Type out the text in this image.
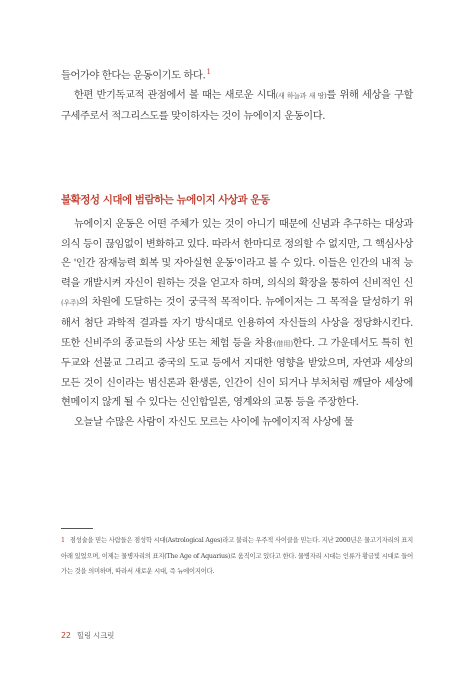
들어가야 한다는 운동이기도 하다.$^1$

한편 반기독교적 관점에서 볼 때는 새로운 시대(새 하늘과 새 땅)를 위해 세상을 구할 구세주로서 적그리스도를 맞이하자는 것이 뉴에이지 운동이다.

불확정성 시대에 범람하는 뉴에이지 사상과 운동

뉴에이지 운동은 어떤 주체가 있는 것이 아니기 때문에 신념과 추구하는 대상과 의식 등이 끊임없이 변화하고 있다. 따라서 한마디로 정의할 수 없지만, 그 핵심사상은 '인간 잠재능력 회복 및 자아실현 운동'이라고 볼 수 있다. 이들은 인간의 내적 능력을 개발시켜 자신이 원하는 것을 얻고자 하며, 의식의 확장을 통하여 신비적인 신(우주)의 차원에 도달하는 것이 궁극적 목적이다. 뉴에이저는 그 목적을 달성하기 위해서 첨단 과학적 결과를 자기 방식대로 인용하여 자신들의 사상을 정당화시킨다. 또한 신비주의 종교들의 사상 또는 체험 등을 차용(借用)한다. 그 가운데서도 특히 힌두교와 선불교 그리고 중국의 도교 등에서 지대한 영향을 받았으며, 자연과 세상의 모든 것이 신이라는 범신론과 환생론, 인간이 신이 되거나 부처처럼 깨달아 세상에 현메이지 않게 될 수 있다는 신인합일론, 영계와의 교통 등을 주장한다.

오늘날 수많은 사람이 자신도 모르는 사이에 뉴에이지적 사상에 물

1 점성술을 믿는 사람들은 점성학 시대(Astrological Ages)라고 불리는 우주적 사이클을 믿는다. 지난 2000년은 물고기자리의 표지 아래 있었으며, 이제는 물병자리의 표지(The Age of Aquarius)로 움직이고 있다고 한다. 물병자리 시대는 인류가 황금빛 시대로 들어가는 것을 의미하며, 따라서 새로운 시대, 즉 뉴에이지이다.
22 힐링 시크릿
